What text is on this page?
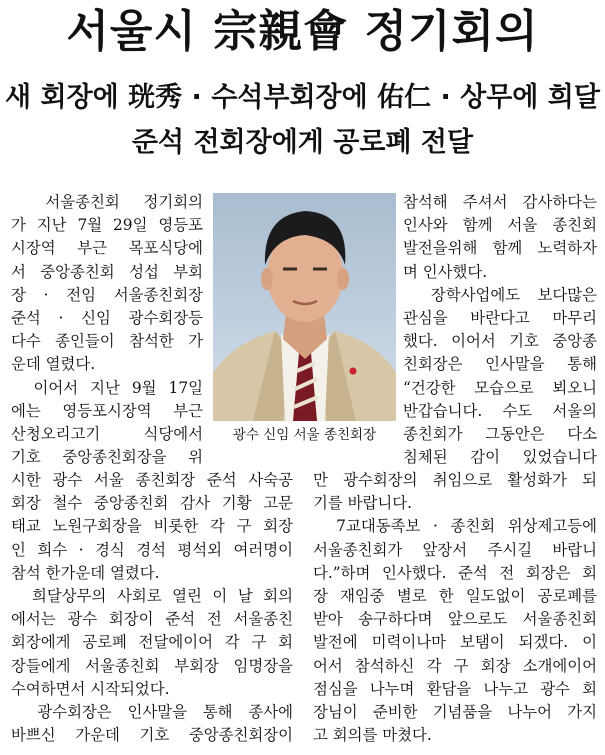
서울시 宗親會 정기회의
새 회장에 珖秀 · 수석부회장에 佑仁 · 상무에 희달
준석 전회장에게 공로폐 전달
　서울종친회 정기회의
가 지난 7월 29일 영등포
시장역 부근 목포식당에
서 중앙종친회 성섭 부회
장 · 전임 서울종친회장
준석 · 신임 광수회장등
다수 종인들이 참석한 가
운데 열렸다.
　이어서 지난 9월 17일
에는 영등포시장역 부근
산청오리고기 식당에서
기호 중앙종친회장을 위
광수 신임 서울 종친회장
시한 광수 서울 종친회장 준석 사숙공
회장 철수 중앙종친회 감사 기황 고문
태교 노원구회장을 비롯한 각 구 회장
인 희수 · 경식 경석 평석외 여러명이
참석 한가운데 열렸다.
　희달상무의 사회로 열린 이 날 회의
에서는 광수 회장이 준석 전 서울종친
회장에게 공로폐 전달에이어 각 구 회
장들에게 서울종친회 부회장 임명장을
수여하면서 시작되었다.
　광수회장은 인사말을 통해 종사에
바쁘신 가운데 기호 중앙종친회장이
참석해 주셔서 감사하다는
인사와 함께 서울 종친회
발전을위해 함께 노력하자
며 인사했다.
　장학사업에도 보다많은
관심을 바란다고 마무리
했다. 이어서 기호 중앙종
친회장은 인사말을 통해
“건강한 모습으로 뵈오니
반갑습니다. 수도 서울의
종친회가 그동안은 다소
침체된 감이 있었습니다
만 광수회장의 취임으로 활성화가 되
기를 바랍니다.
　7교대동족보 · 종친회 위상제고등에
서울종친회가 앞장서 주시길 바랍니
다.”하며 인사했다. 준석 전 회장은 회
장 재임중 별로 한 일도없이 공로폐를
받아 송구하다며 앞으로도 서울종친회
발전에 미력이나마 보탬이 되겠다. 이
어서 참석하신 각 구 회장 소개에이어
점심을 나누며 환담을 나누고 광수 회
장님이 준비한 기념품을 나누어 가지
고 회의를 마쳤다.
